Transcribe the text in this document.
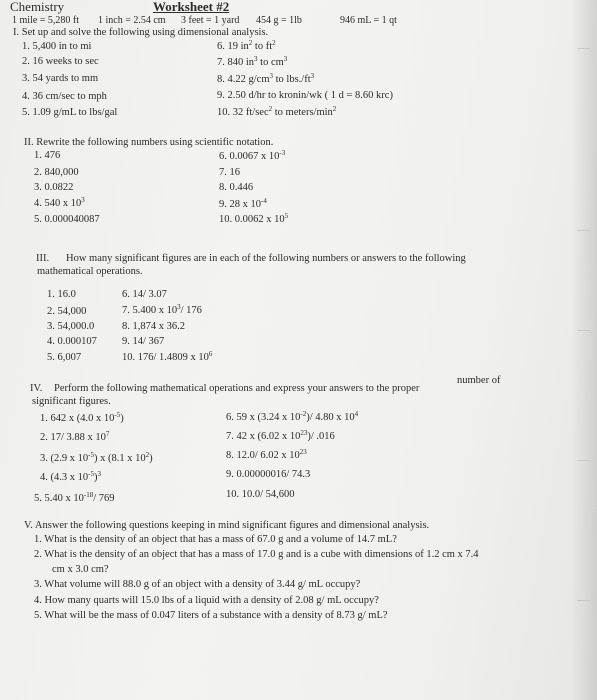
Chemistry	Worksheet #2
1 mile = 5,280 ft 1 inch = 2.54 cm 3 feet = 1 yard 454 g = 1lb	946 mL = 1 qt
I. Set up and solve the following using dimensional analysis.
1. 5,400 in to mi
2. 16 weeks to sec
3. 54 yards to mm
4. 36 cm/sec to mph
5. 1.09 g/mL to lbs/gal
6. 19 $in^2$ to $ft^2$
7. 840 $in^3$ to $cm^3$
8. 4.22 $g/cm^3$ to $lbs./ft^3$
9. 2.50 d/hr to kronin/wk ( 1 d = 8.60 krc)
10. 32 $ft/\sec^2$ to meters/$\min^2$
II. Rewrite the following numbers using scientific notation.
1. 476
2. 840,000
3. 0.0822
4. 540 x $10^3$
5. 0.000040087
6. 0.0067 x $10^{-3}$
7. 16
8. 0.446
9. 28 x $10^{-4}$
10. 0.0062 x $10^5$
III. How many significant figures are in each of the following numbers or answers to the following
mathematical operations.
1. 16.0
2. 54,000
3. 54,000.0
4. 0.000107
5. 6,007
6. 14/ 3.07
7. 5.400 x $10^3/$ 176
8. 1,874 x 36.2
9. 14/ 367
10. 176/ 1.4809 x $10^6$
IV. Perform the following mathematical operations and express your answers to the proper
number of
significant figures.
1. 642 x (4.0 x $10^{-5}$)
2. 17/ 3.88 x $10^7$
3. (2.9 x $10^{-5}$) x (8.1 x $10^2$)
4. (4.3 x $10^{-5})^3$
5. 5.40 x $10^{-18}/$ 769
6. 59 x (3.24 x $10^{-2})/$ 4.80 x $10^4$
7. 42 x (6.02 x $10^{23})/$ .016
8. 12.0/ 6.02 x $10^{23}$
9. 0.00000016/ 74.3
10. 10.0/ 54,600
V. Answer the following questions keeping in mind significant figures and dimensional analysis.
1. What is the density of an object that has a mass of 67.0 g and a volume of 14.7 mL?
2. What is the density of an object that has a mass of 17.0 g and is a cube with dimensions of 1.2 cm x 7.4
cm x 3.0 cm?
3. What volume will 88.0 g of an object with a density of 3.44 g/ mL occupy?
4. How many quarts will 15.0 lbs of a liquid with a density of 2.08 g/ mL occupy?
5. What will be the mass of 0.047 liters of a substance with a density of 8.73 g/ mL?
